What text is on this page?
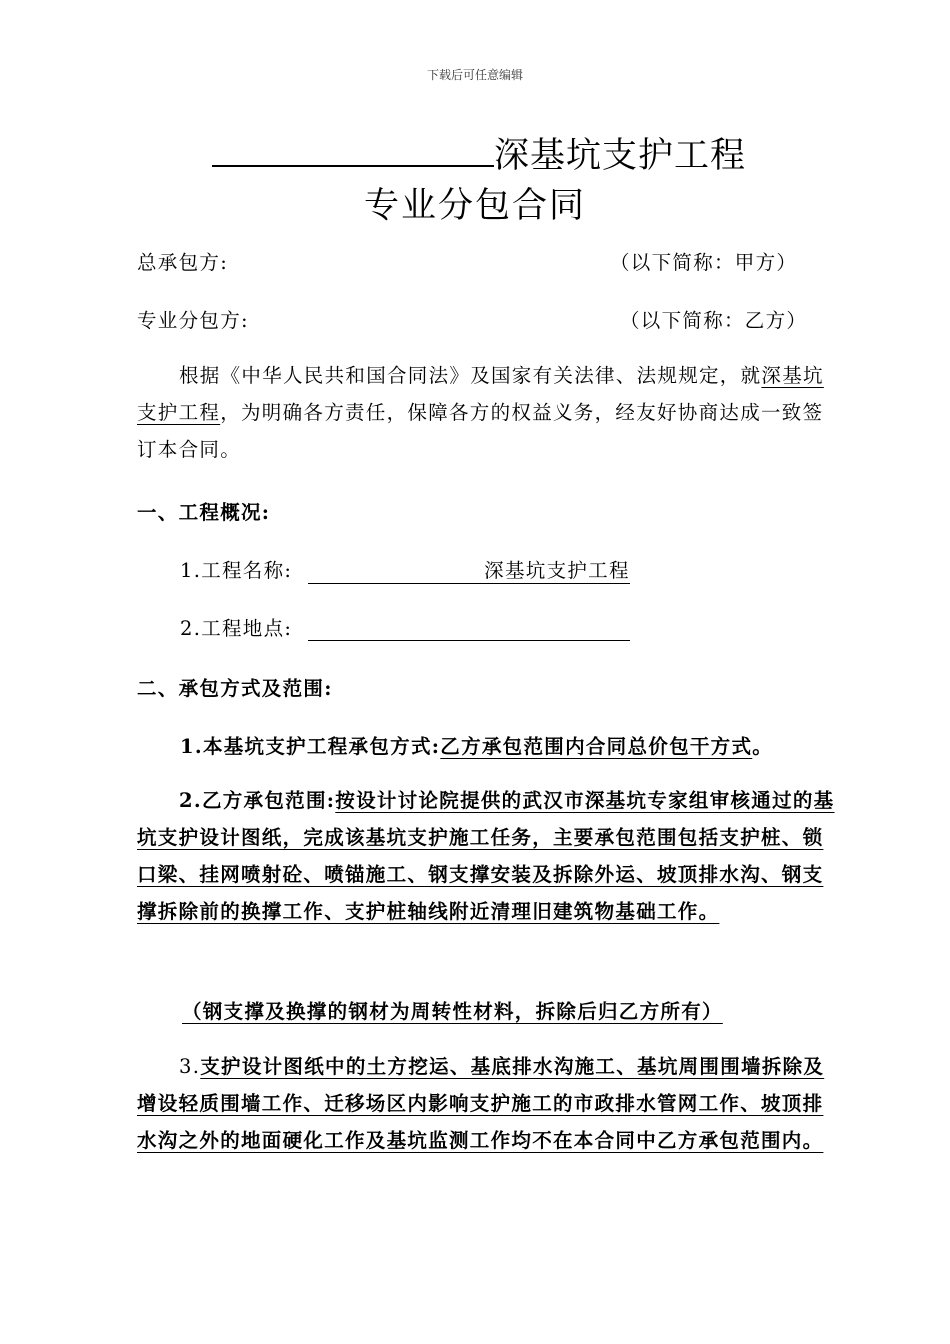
下载后可任意编辑
深基坑支护工程
专业分包合同
总承包方:	（以下简称：甲方）
专业分包方:	（以下简称：乙方）
根据《中华人民共和国合同法》及国家有关法律、法规规定，就深基坑支护工程，为明确各方责任，保障各方的权益义务，经友好协商达成一致签订本合同。
一、工程概况:
1.工程名称:	深基坑支护工程
2.工程地点:
二、承包方式及范围:
1.本基坑支护工程承包方式:乙方承包范围内合同总价包干方式。
2.乙方承包范围:按设计讨论院提供的武汉市深基坑专家组审核通过的基坑支护设计图纸，完成该基坑支护施工任务，主要承包范围包括支护桩、锁口梁、挂网喷射砼、喷锚施工、钢支撑安装及拆除外运、坡顶排水沟、钢支撑拆除前的换撑工作、支护桩轴线附近清理旧建筑物基础工作。
（钢支撑及换撑的钢材为周转性材料，拆除后归乙方所有）
3.支护设计图纸中的土方挖运、基底排水沟施工、基坑周围围墙拆除及增设轻质围墙工作、迁移场区内影响支护施工的市政排水管网工作、坡顶排水沟之外的地面硬化工作及基坑监测工作均不在本合同中乙方承包范围内。
